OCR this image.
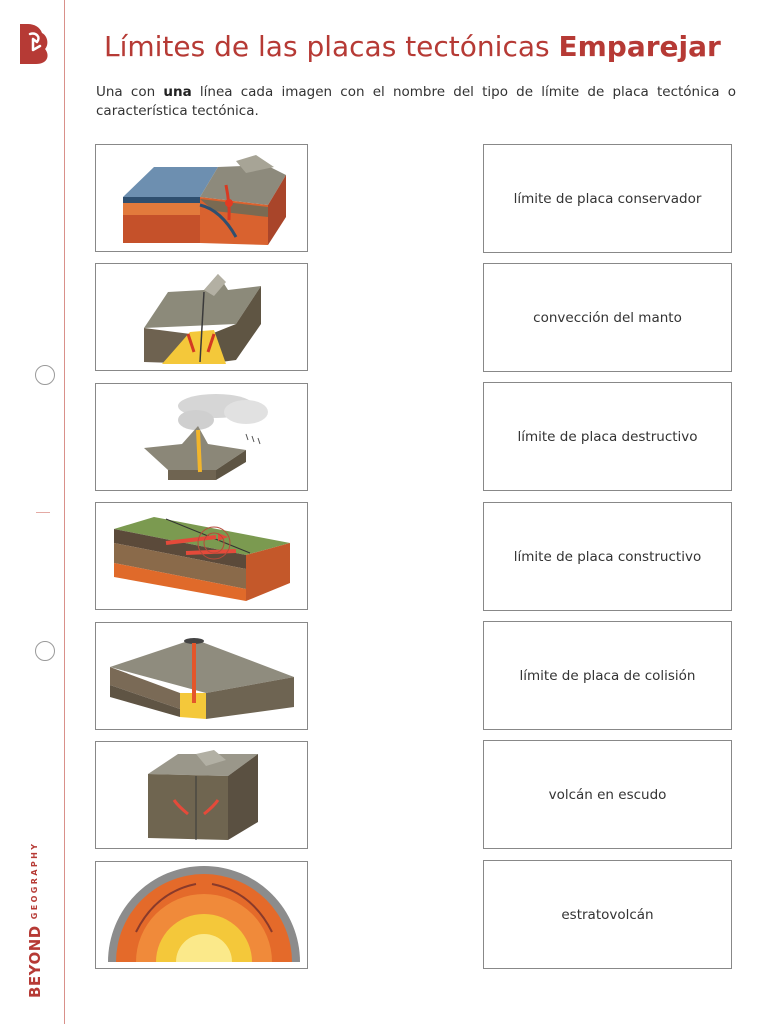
BEYONDGEOGRAPHY
Límites de las placas tectónicas Emparejar

Una con una línea cada imagen con el nombre del tipo de límite de placa tectónica o característica tectónica.

límite de placa conservador
convección del manto
límite de placa destructivo
límite de placa constructivo
límite de placa de colisión
volcán en escudo
estratovolcán
